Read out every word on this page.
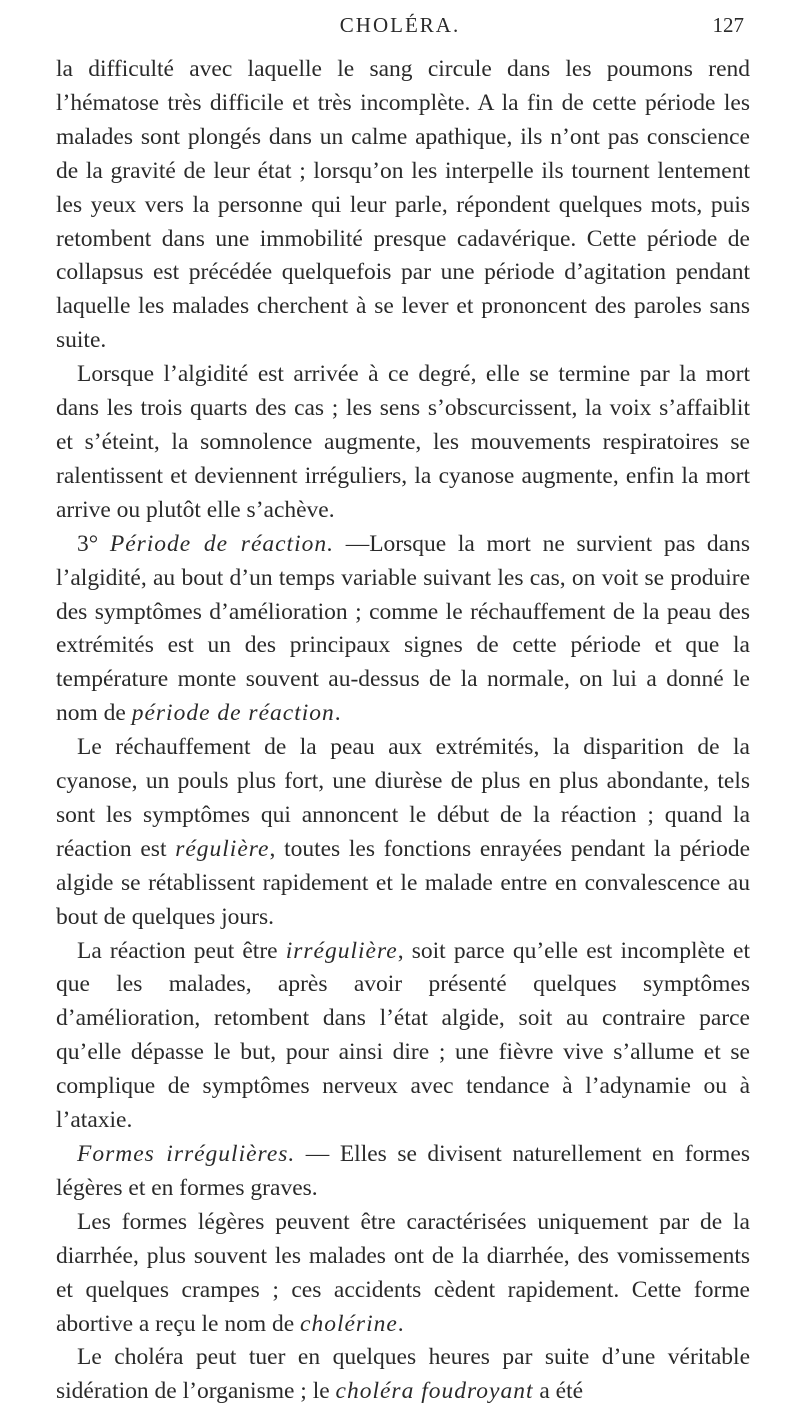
CHOLÉRA.	127

la difficulté avec laquelle le sang circule dans les poumons rend l’hématose très difficile et très incomplète. A la fin de cette période les malades sont plongés dans un calme apathique, ils n’ont pas conscience de la gravité de leur état ; lorsqu’on les interpelle ils tournent lentement les yeux vers la personne qui leur parle, répondent quelques mots, puis retombent dans une immobilité presque cadavérique. Cette période de collapsus est précédée quelquefois par une période d’agitation pendant laquelle les malades cherchent à se lever et prononcent des paroles sans suite.

Lorsque l’algidité est arrivée à ce degré, elle se termine par la mort dans les trois quarts des cas ; les sens s’obscurcissent, la voix s’affaiblit et s’éteint, la somnolence augmente, les mouvements respiratoires se ralentissent et deviennent irréguliers, la cyanose augmente, enfin la mort arrive ou plutôt elle s’achève.

3° Période de réaction. —Lorsque la mort ne survient pas dans l’algidité, au bout d’un temps variable suivant les cas, on voit se produire des symptômes d’amélioration ; comme le réchauffement de la peau des extrémités est un des principaux signes de cette période et que la température monte souvent au-dessus de la normale, on lui a donné le nom de période de réaction.

Le réchauffement de la peau aux extrémités, la disparition de la cyanose, un pouls plus fort, une diurèse de plus en plus abondante, tels sont les symptômes qui annoncent le début de la réaction ; quand la réaction est régulière, toutes les fonctions enrayées pendant la période algide se rétablissent rapidement et le malade entre en convalescence au bout de quelques jours.

La réaction peut être irrégulière, soit parce qu’elle est incomplète et que les malades, après avoir présenté quelques symptômes d’amélioration, retombent dans l’état algide, soit au contraire parce qu’elle dépasse le but, pour ainsi dire ; une fièvre vive s’allume et se complique de symptômes nerveux avec tendance à l’adynamie ou à l’ataxie.

Formes irrégulières. — Elles se divisent naturellement en formes légères et en formes graves.

Les formes légères peuvent être caractérisées uniquement par de la diarrhée, plus souvent les malades ont de la diarrhée, des vomissements et quelques crampes ; ces accidents cèdent rapidement. Cette forme abortive a reçu le nom de cholérine.

Le choléra peut tuer en quelques heures par suite d’une véritable sidération de l’organisme ; le choléra foudroyant a été
